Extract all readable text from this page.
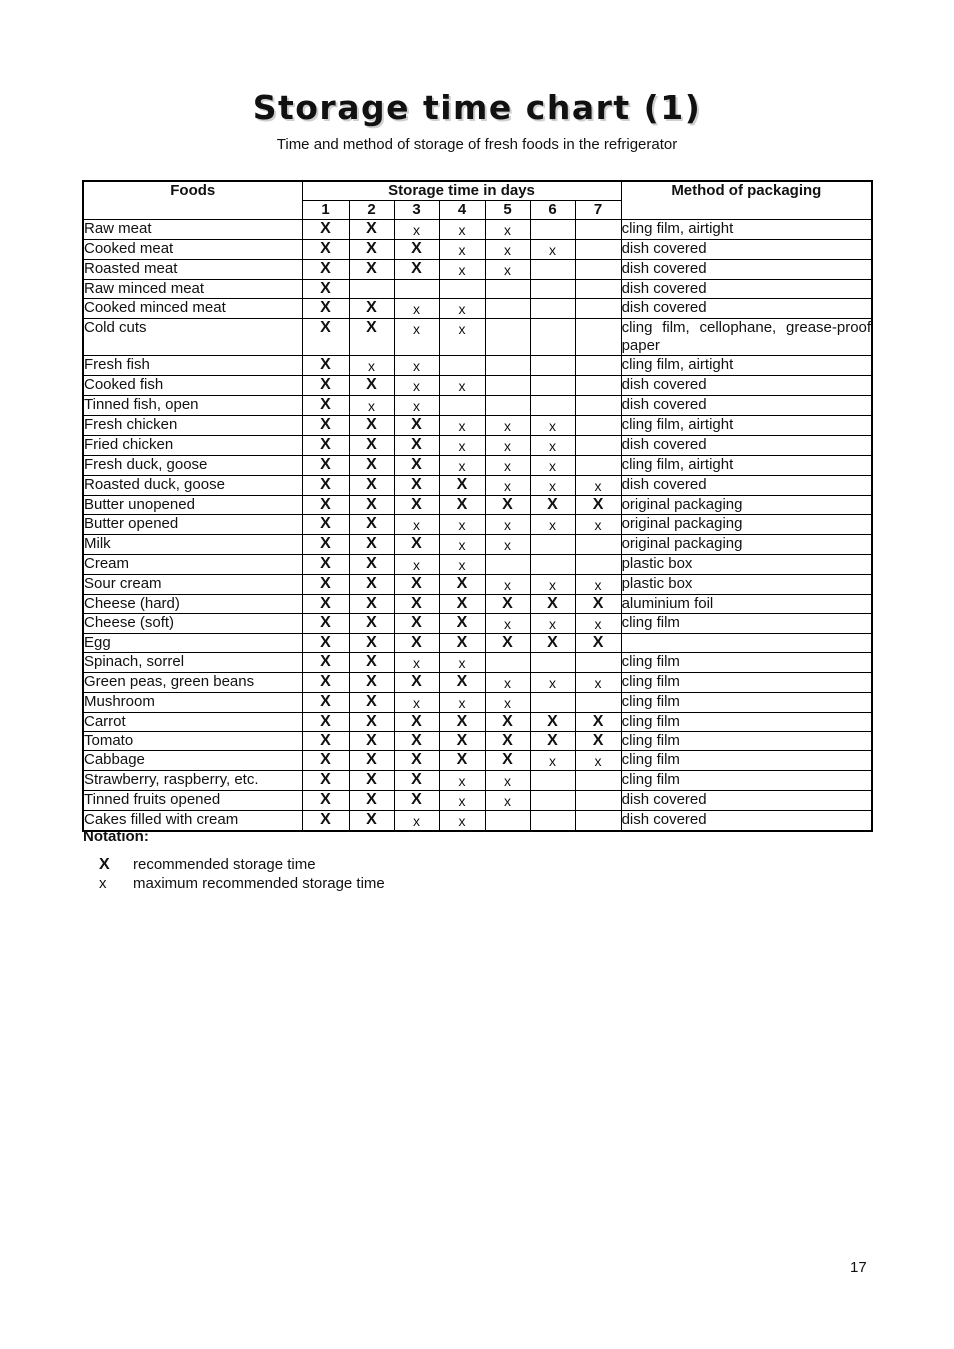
Storage time chart (1)
Time and method of storage of fresh foods in the refrigerator
Foods	Storage time in days							Method of packaging
	1	2	3	4	5	6	7	
Raw meat	X	X	x	x	x			cling film, airtight
Cooked meat	X	X	X	x	x	x		dish covered
Roasted meat	X	X	X	x	x			dish covered
Raw minced meat	X							dish covered
Cooked minced meat	X	X	x	x				dish covered
Cold cuts	X	X	x	x				cling film, cellophane, grease-proof paper
Fresh fish	X	x	x					cling film, airtight
Cooked fish	X	X	x	x				dish covered
Tinned fish, open	X	x	x					dish covered
Fresh chicken	X	X	X	x	x	x		cling film, airtight
Fried chicken	X	X	X	x	x	x		dish covered
Fresh duck, goose	X	X	X	x	x	x		cling film, airtight
Roasted duck, goose	X	X	X	X	x	x	x	dish covered
Butter unopened	X	X	X	X	X	X	X	original packaging
Butter opened	X	X	x	x	x	x	x	original packaging
Milk	X	X	X	x	x			original packaging
Cream	X	X	x	x				plastic box
Sour cream	X	X	X	X	x	x	x	plastic box
Cheese (hard)	X	X	X	X	X	X	X	aluminium foil
Cheese (soft)	X	X	X	X	x	x	x	cling film
Egg	X	X	X	X	X	X	X	
Spinach, sorrel	X	X	x	x				cling film
Green peas, green beans	X	X	X	X	x	x	x	cling film
Mushroom	X	X	x	x	x			cling film
Carrot	X	X	X	X	X	X	X	cling film
Tomato	X	X	X	X	X	X	X	cling film
Cabbage	X	X	X	X	X	x	x	cling film
Strawberry, raspberry, etc.	X	X	X	x	x			cling film
Tinned fruits opened	X	X	X	x	x			dish covered
Cakes filled with cream	X	X	x	x				dish covered
Notation:
X recommended storage time
x maximum recommended storage time
17
